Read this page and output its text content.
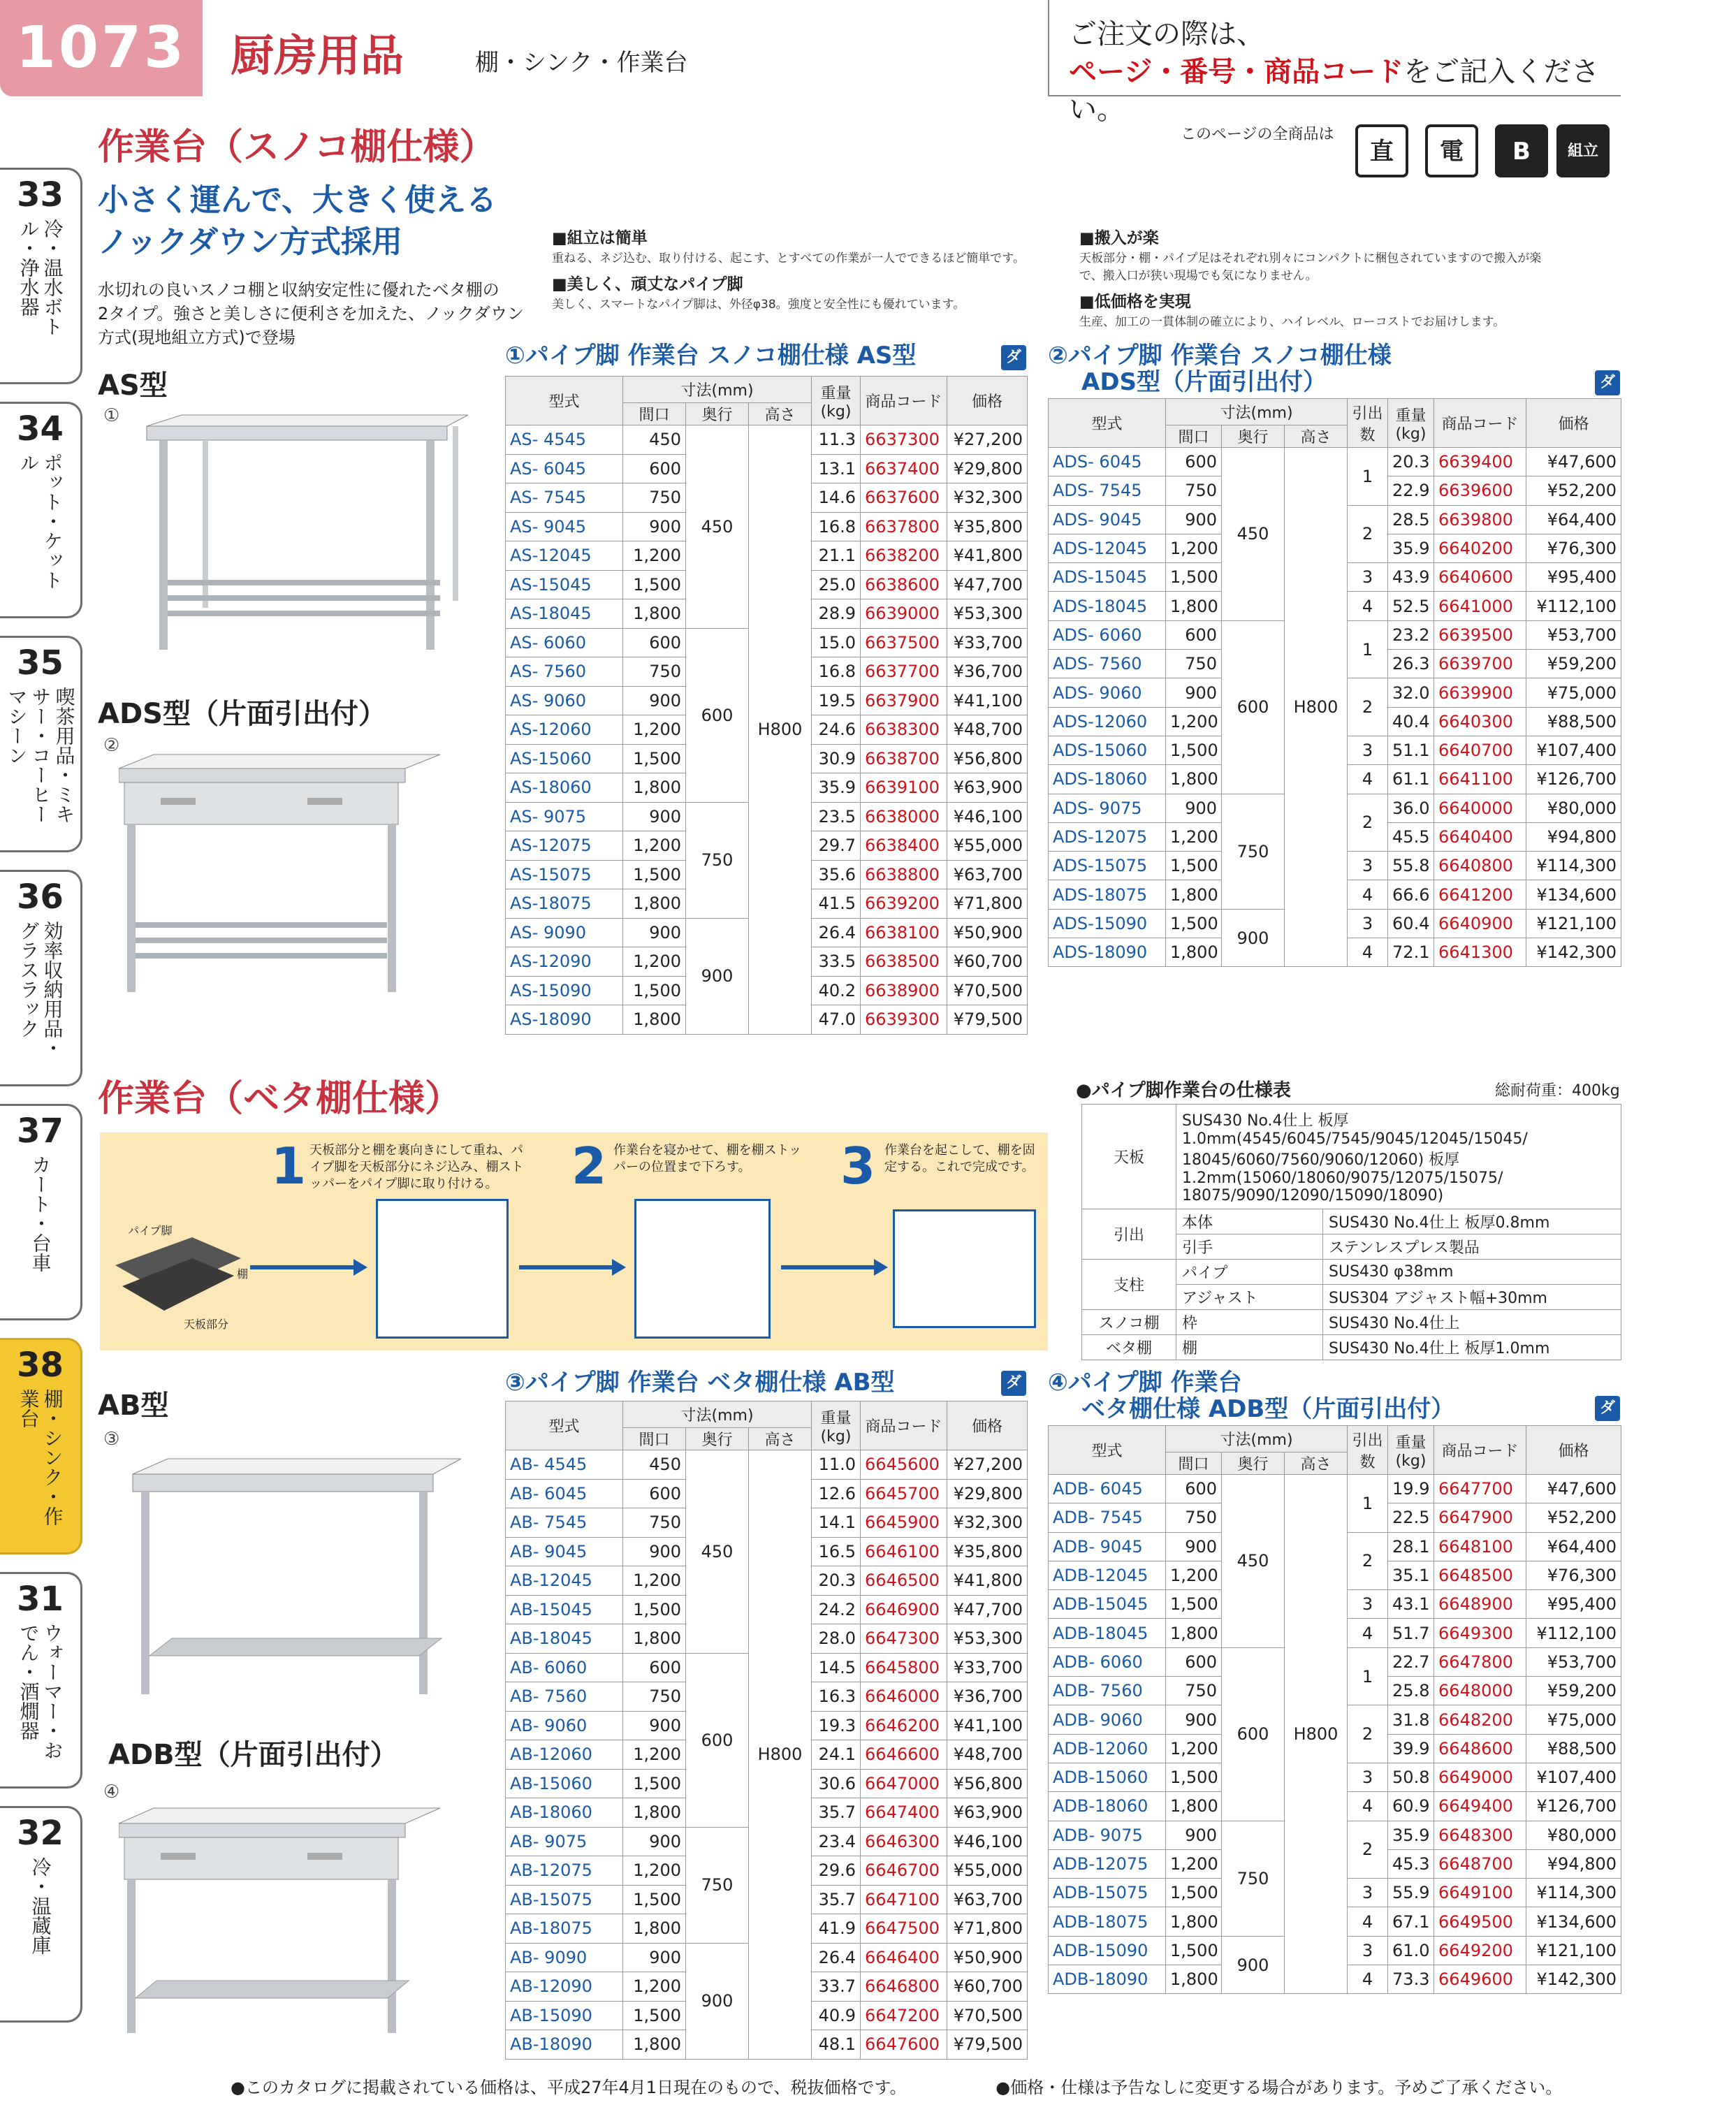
1073	厨房用品	棚・シンク・作業台
ご注文の際は、
ページ・番号・商品コードをご記入ください。
33
冷・温水ボトル・浄水器
34
ポット・ケットル
35
喫茶用品・ミキサー・コーヒーマシーン
36
効率収納用品・グラスラック
37
カート・台車
38
棚・シンク・作業台
31
ウォーマー・おでん・酒燗器
32
冷・温蔵庫
このページの全商品は
直	電	B	組立
作業台（スノコ棚仕様）
小さく運んで、大きく使える
ノックダウン方式採用
水切れの良いスノコ棚と収納安定性に優れたベタ棚の
2タイプ。強さと美しさに便利さを加えた、ノックダウン
方式(現地組立方式)で登場
■組立は簡単
重ねる、ネジ込む、取り付ける、起こす、とすべての作業が一人でできるほど簡単です。
■美しく、頑丈なパイプ脚
美しく、スマートなパイプ脚は、外径φ38。強度と安全性にも優れています。
■搬入が楽
天板部分・棚・パイプ足はそれぞれ別々にコンパクトに梱包されていますので搬入が楽で、搬入口が狭い現場でも気になりません。
■低価格を実現
生産、加工の一貫体制の確立により、ハイレベル、ローコストでお届けします。
AS型
①
ADS型（片面引出付）
②
①パイプ脚 作業台 スノコ棚仕様 AS型	ダ
型式	寸法(mm)			重量(kg)	商品コード	価格
	間口	奥行	高さ			
AS- 4545	450	450	H800	11.3	6637300	¥27,200
AS- 6045	600			13.1	6637400	¥29,800
AS- 7545	750			14.6	6637600	¥32,300
AS- 9045	900			16.8	6637800	¥35,800
AS-12045	1,200			21.1	6638200	¥41,800
AS-15045	1,500			25.0	6638600	¥47,700
AS-18045	1,800			28.9	6639000	¥53,300
AS- 6060	600	600		15.0	6637500	¥33,700
AS- 7560	750			16.8	6637700	¥36,700
AS- 9060	900			19.5	6637900	¥41,100
AS-12060	1,200			24.6	6638300	¥48,700
AS-15060	1,500			30.9	6638700	¥56,800
AS-18060	1,800			35.9	6639100	¥63,900
AS- 9075	900	750		23.5	6638000	¥46,100
AS-12075	1,200			29.7	6638400	¥55,000
AS-15075	1,500			35.6	6638800	¥63,700
AS-18075	1,800			41.5	6639200	¥71,800
AS- 9090	900	900		26.4	6638100	¥50,900
AS-12090	1,200			33.5	6638500	¥60,700
AS-15090	1,500			40.2	6638900	¥70,500
AS-18090	1,800			47.0	6639300	¥79,500
②パイプ脚 作業台 スノコ棚仕様
ADS型（片面引出付）	ダ
型式	寸法(mm)			引出数	重量(kg)	商品コード	価格
	間口	奥行	高さ				
ADS- 6045	600	450	H800	1	20.3	6639400	¥47,600
ADS- 7545	750				22.9	6639600	¥52,200
ADS- 9045	900			2	28.5	6639800	¥64,400
ADS-12045	1,200				35.9	6640200	¥76,300
ADS-15045	1,500			3	43.9	6640600	¥95,400
ADS-18045	1,800			4	52.5	6641000	¥112,100
ADS- 6060	600	600		1	23.2	6639500	¥53,700
ADS- 7560	750				26.3	6639700	¥59,200
ADS- 9060	900			2	32.0	6639900	¥75,000
ADS-12060	1,200				40.4	6640300	¥88,500
ADS-15060	1,500			3	51.1	6640700	¥107,400
ADS-18060	1,800			4	61.1	6641100	¥126,700
ADS- 9075	900	750		2	36.0	6640000	¥80,000
ADS-12075	1,200				45.5	6640400	¥94,800
ADS-15075	1,500			3	55.8	6640800	¥114,300
ADS-18075	1,800			4	66.6	6641200	¥134,600
ADS-15090	1,500	900		3	60.4	6640900	¥121,100
ADS-18090	1,800			4	72.1	6641300	¥142,300
作業台（ベタ棚仕様）
パイプ脚
棚
天板部分
1 天板部分と棚を裏向きにして重ね、パイプ脚を天板部分にネジ込み、棚ストッパーをパイプ脚に取り付ける。	2 作業台を寝かせて、棚を棚ストッパーの位置まで下ろす。	3 作業台を起こして、棚を固定する。これで完成です。
●パイプ脚作業台の仕様表	総耐荷重：400kg
天板	SUS430 No.4仕上 板厚1.0mm(4545/6045/7545/9045/12045/15045/ 18045/6060/7560/9060/12060) 板厚1.2mm(15060/18060/9075/12075/15075/ 18075/9090/12090/15090/18090)	
引出	本体	SUS430 No.4仕上 板厚0.8mm
	引手	ステンレスプレス製品
支柱	パイプ	SUS430 φ38mm
	アジャスト	SUS304 アジャスト幅+30mm
スノコ棚	枠	SUS430 No.4仕上
ベタ棚	棚	SUS430 No.4仕上 板厚1.0mm
AB型
③
ADB型（片面引出付）
④
③パイプ脚 作業台 ベタ棚仕様 AB型	ダ
型式	寸法(mm)			重量(kg)	商品コード	価格
	間口	奥行	高さ			
AB- 4545	450	450	H800	11.0	6645600	¥27,200
AB- 6045	600			12.6	6645700	¥29,800
AB- 7545	750			14.1	6645900	¥32,300
AB- 9045	900			16.5	6646100	¥35,800
AB-12045	1,200			20.3	6646500	¥41,800
AB-15045	1,500			24.2	6646900	¥47,700
AB-18045	1,800			28.0	6647300	¥53,300
AB- 6060	600	600		14.5	6645800	¥33,700
AB- 7560	750			16.3	6646000	¥36,700
AB- 9060	900			19.3	6646200	¥41,100
AB-12060	1,200			24.1	6646600	¥48,700
AB-15060	1,500			30.6	6647000	¥56,800
AB-18060	1,800			35.7	6647400	¥63,900
AB- 9075	900	750		23.4	6646300	¥46,100
AB-12075	1,200			29.6	6646700	¥55,000
AB-15075	1,500			35.7	6647100	¥63,700
AB-18075	1,800			41.9	6647500	¥71,800
AB- 9090	900	900		26.4	6646400	¥50,900
AB-12090	1,200			33.7	6646800	¥60,700
AB-15090	1,500			40.9	6647200	¥70,500
AB-18090	1,800			48.1	6647600	¥79,500
④パイプ脚 作業台
ベタ棚仕様 ADB型（片面引出付）	ダ
型式	寸法(mm)			引出数	重量(kg)	商品コード	価格
	間口	奥行	高さ				
ADB- 6045	600	450	H800	1	19.9	6647700	¥47,600
ADB- 7545	750				22.5	6647900	¥52,200
ADB- 9045	900			2	28.1	6648100	¥64,400
ADB-12045	1,200				35.1	6648500	¥76,300
ADB-15045	1,500			3	43.1	6648900	¥95,400
ADB-18045	1,800			4	51.7	6649300	¥112,100
ADB- 6060	600	600		1	22.7	6647800	¥53,700
ADB- 7560	750				25.8	6648000	¥59,200
ADB- 9060	900			2	31.8	6648200	¥75,000
ADB-12060	1,200				39.9	6648600	¥88,500
ADB-15060	1,500			3	50.8	6649000	¥107,400
ADB-18060	1,800			4	60.9	6649400	¥126,700
ADB- 9075	900	750		2	35.9	6648300	¥80,000
ADB-12075	1,200				45.3	6648700	¥94,800
ADB-15075	1,500			3	55.9	6649100	¥114,300
ADB-18075	1,800			4	67.1	6649500	¥134,600
ADB-15090	1,500	900		3	61.0	6649200	¥121,100
ADB-18090	1,800			4	73.3	6649600	¥142,300
●このカタログに掲載されている価格は、平成27年4月1日現在のもので、税抜価格です。	●価格・仕様は予告なしに変更する場合があります。予めご了承ください。
